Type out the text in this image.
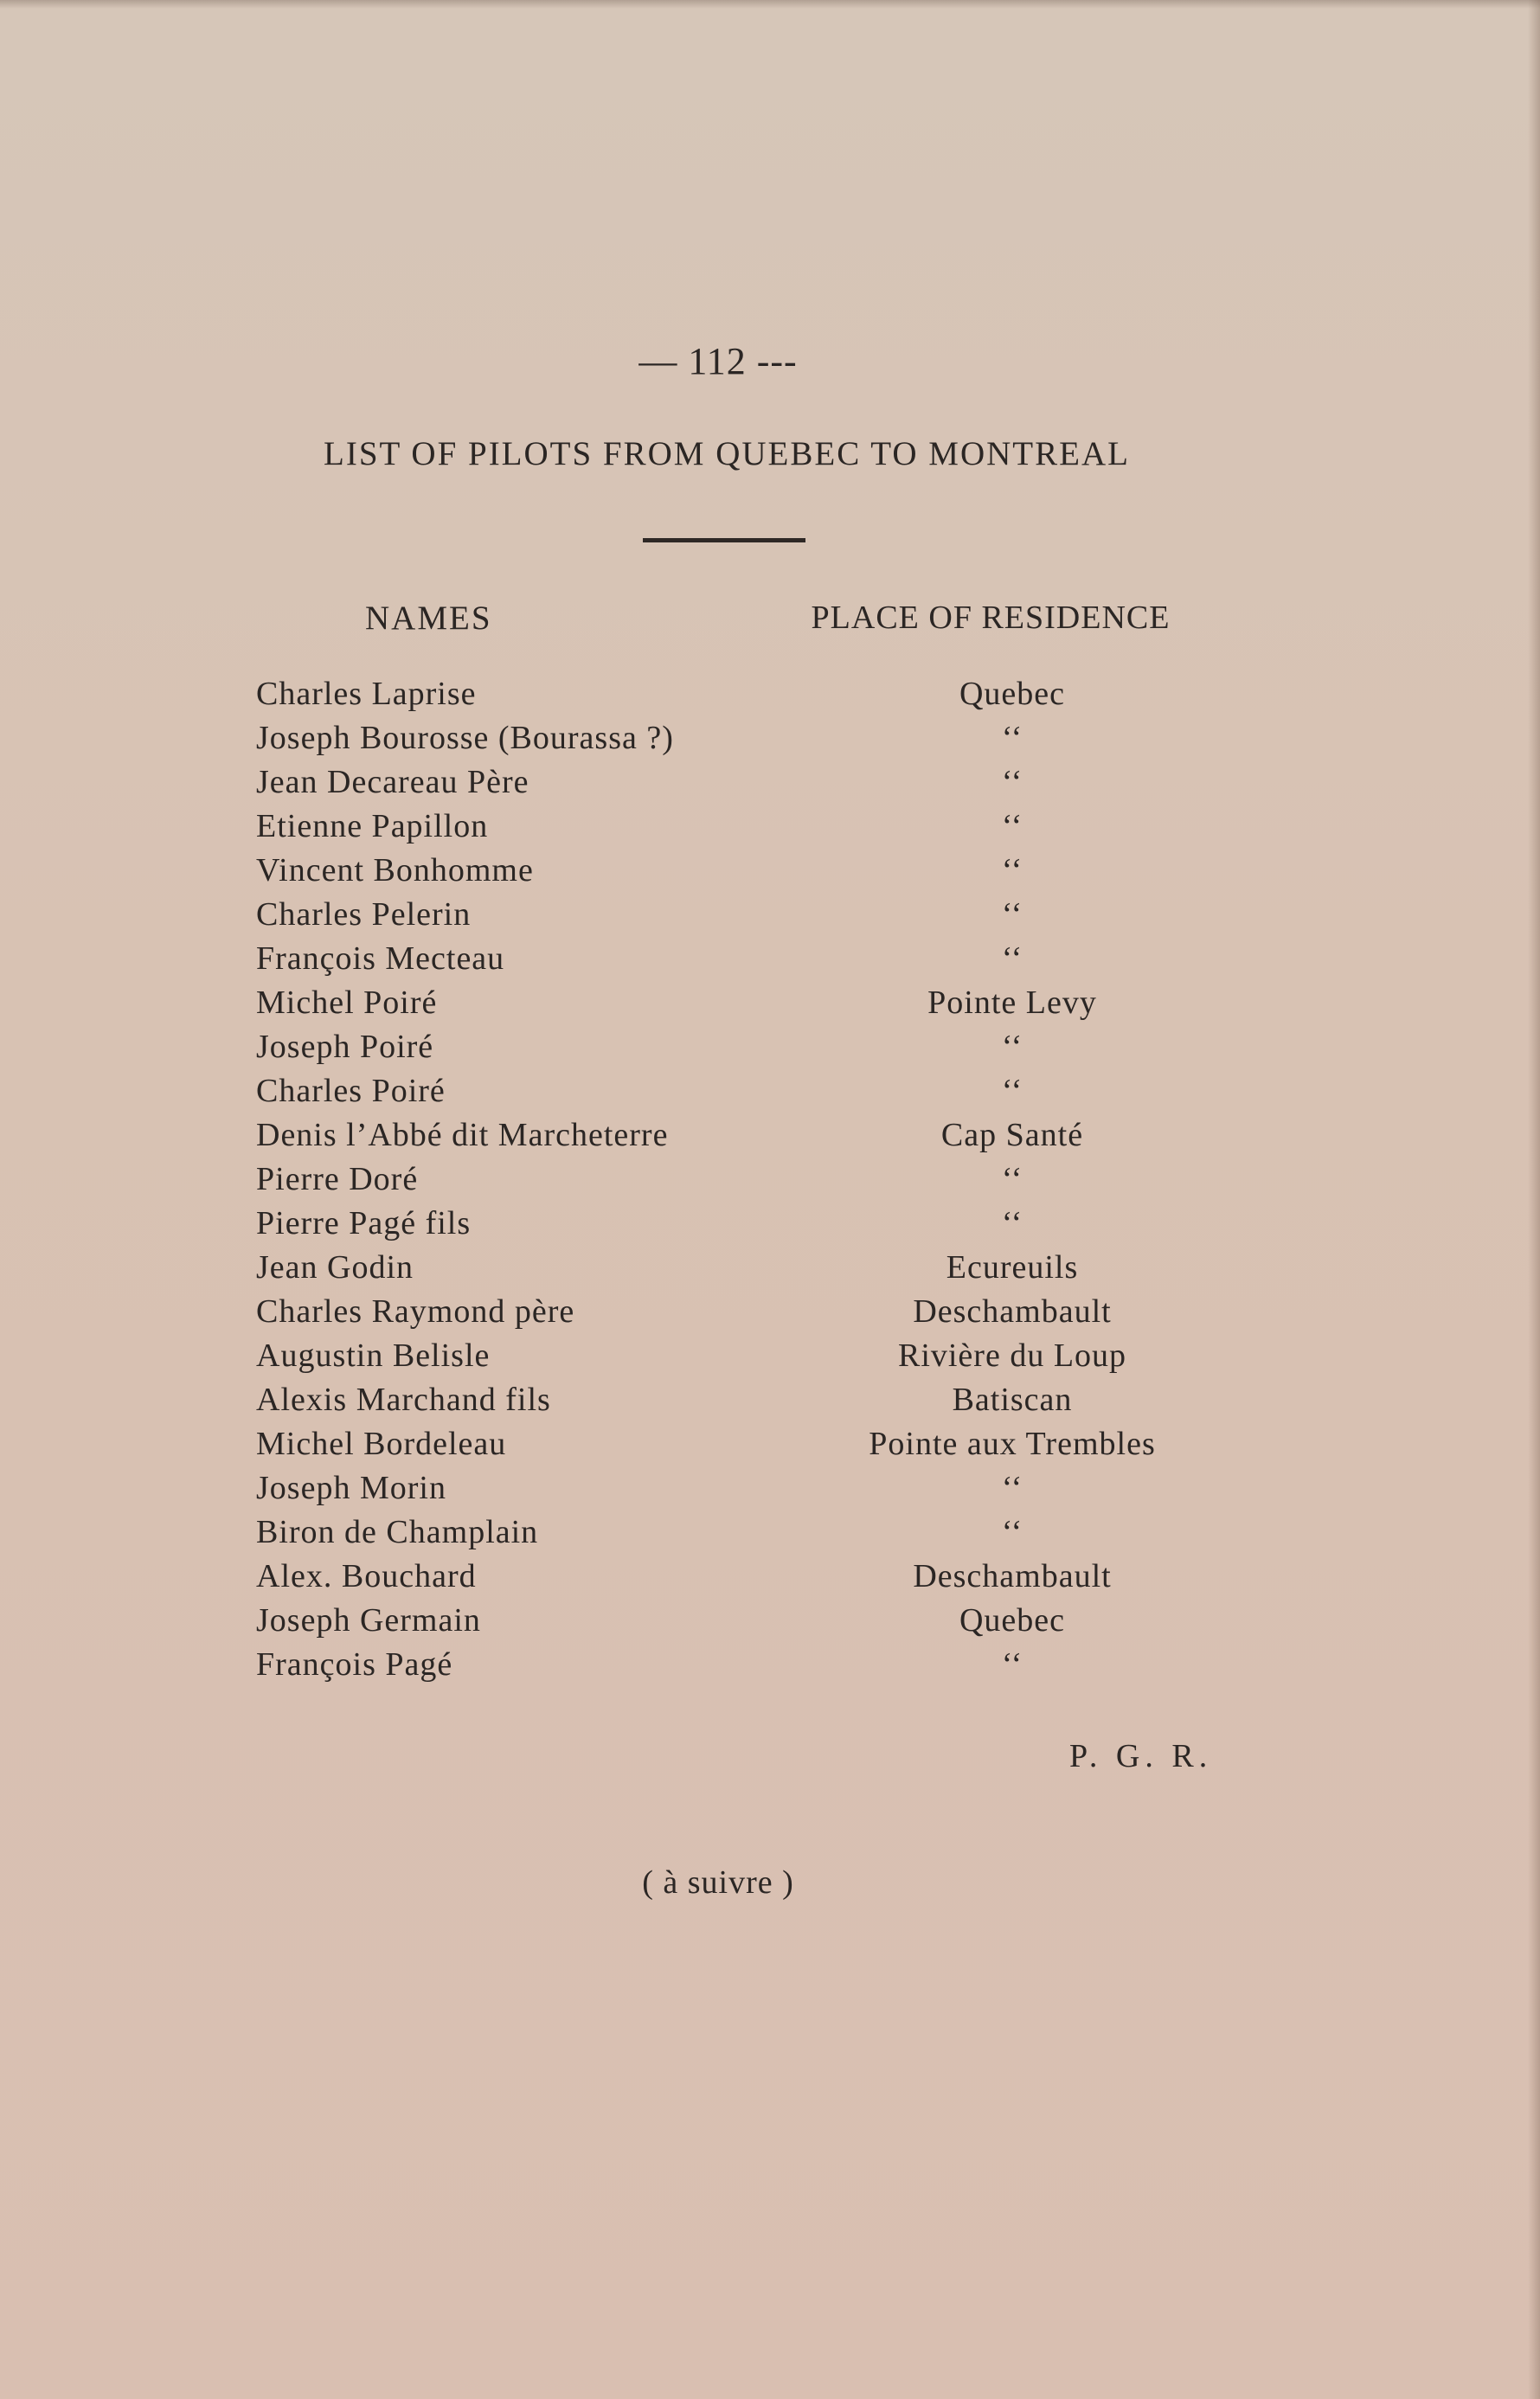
— 112 ---
LIST OF PILOTS FROM QUEBEC TO MONTREAL
NAMES	PLACE OF RESIDENCE
Charles Laprise	Quebec
Joseph Bourosse (Bourassa ?)	‘‘
Jean Decareau Père	‘‘
Etienne Papillon	‘‘
Vincent Bonhomme	‘‘
Charles Pelerin	‘‘
François Mecteau	‘‘
Michel Poiré	Pointe Levy
Joseph Poiré	‘‘
Charles Poiré	‘‘
Denis l’Abbé dit Marcheterre	Cap Santé
Pierre Doré	‘‘
Pierre Pagé fils	‘‘
Jean Godin	Ecureuils
Charles Raymond père	Deschambault
Augustin Belisle	Rivière du Loup
Alexis Marchand fils	Batiscan
Michel Bordeleau	Pointe aux Trembles
Joseph Morin	‘‘
Biron de Champlain	‘‘
Alex. Bouchard	Deschambault
Joseph Germain	Quebec
François Pagé	‘‘
P. G. R.
( à suivre )
